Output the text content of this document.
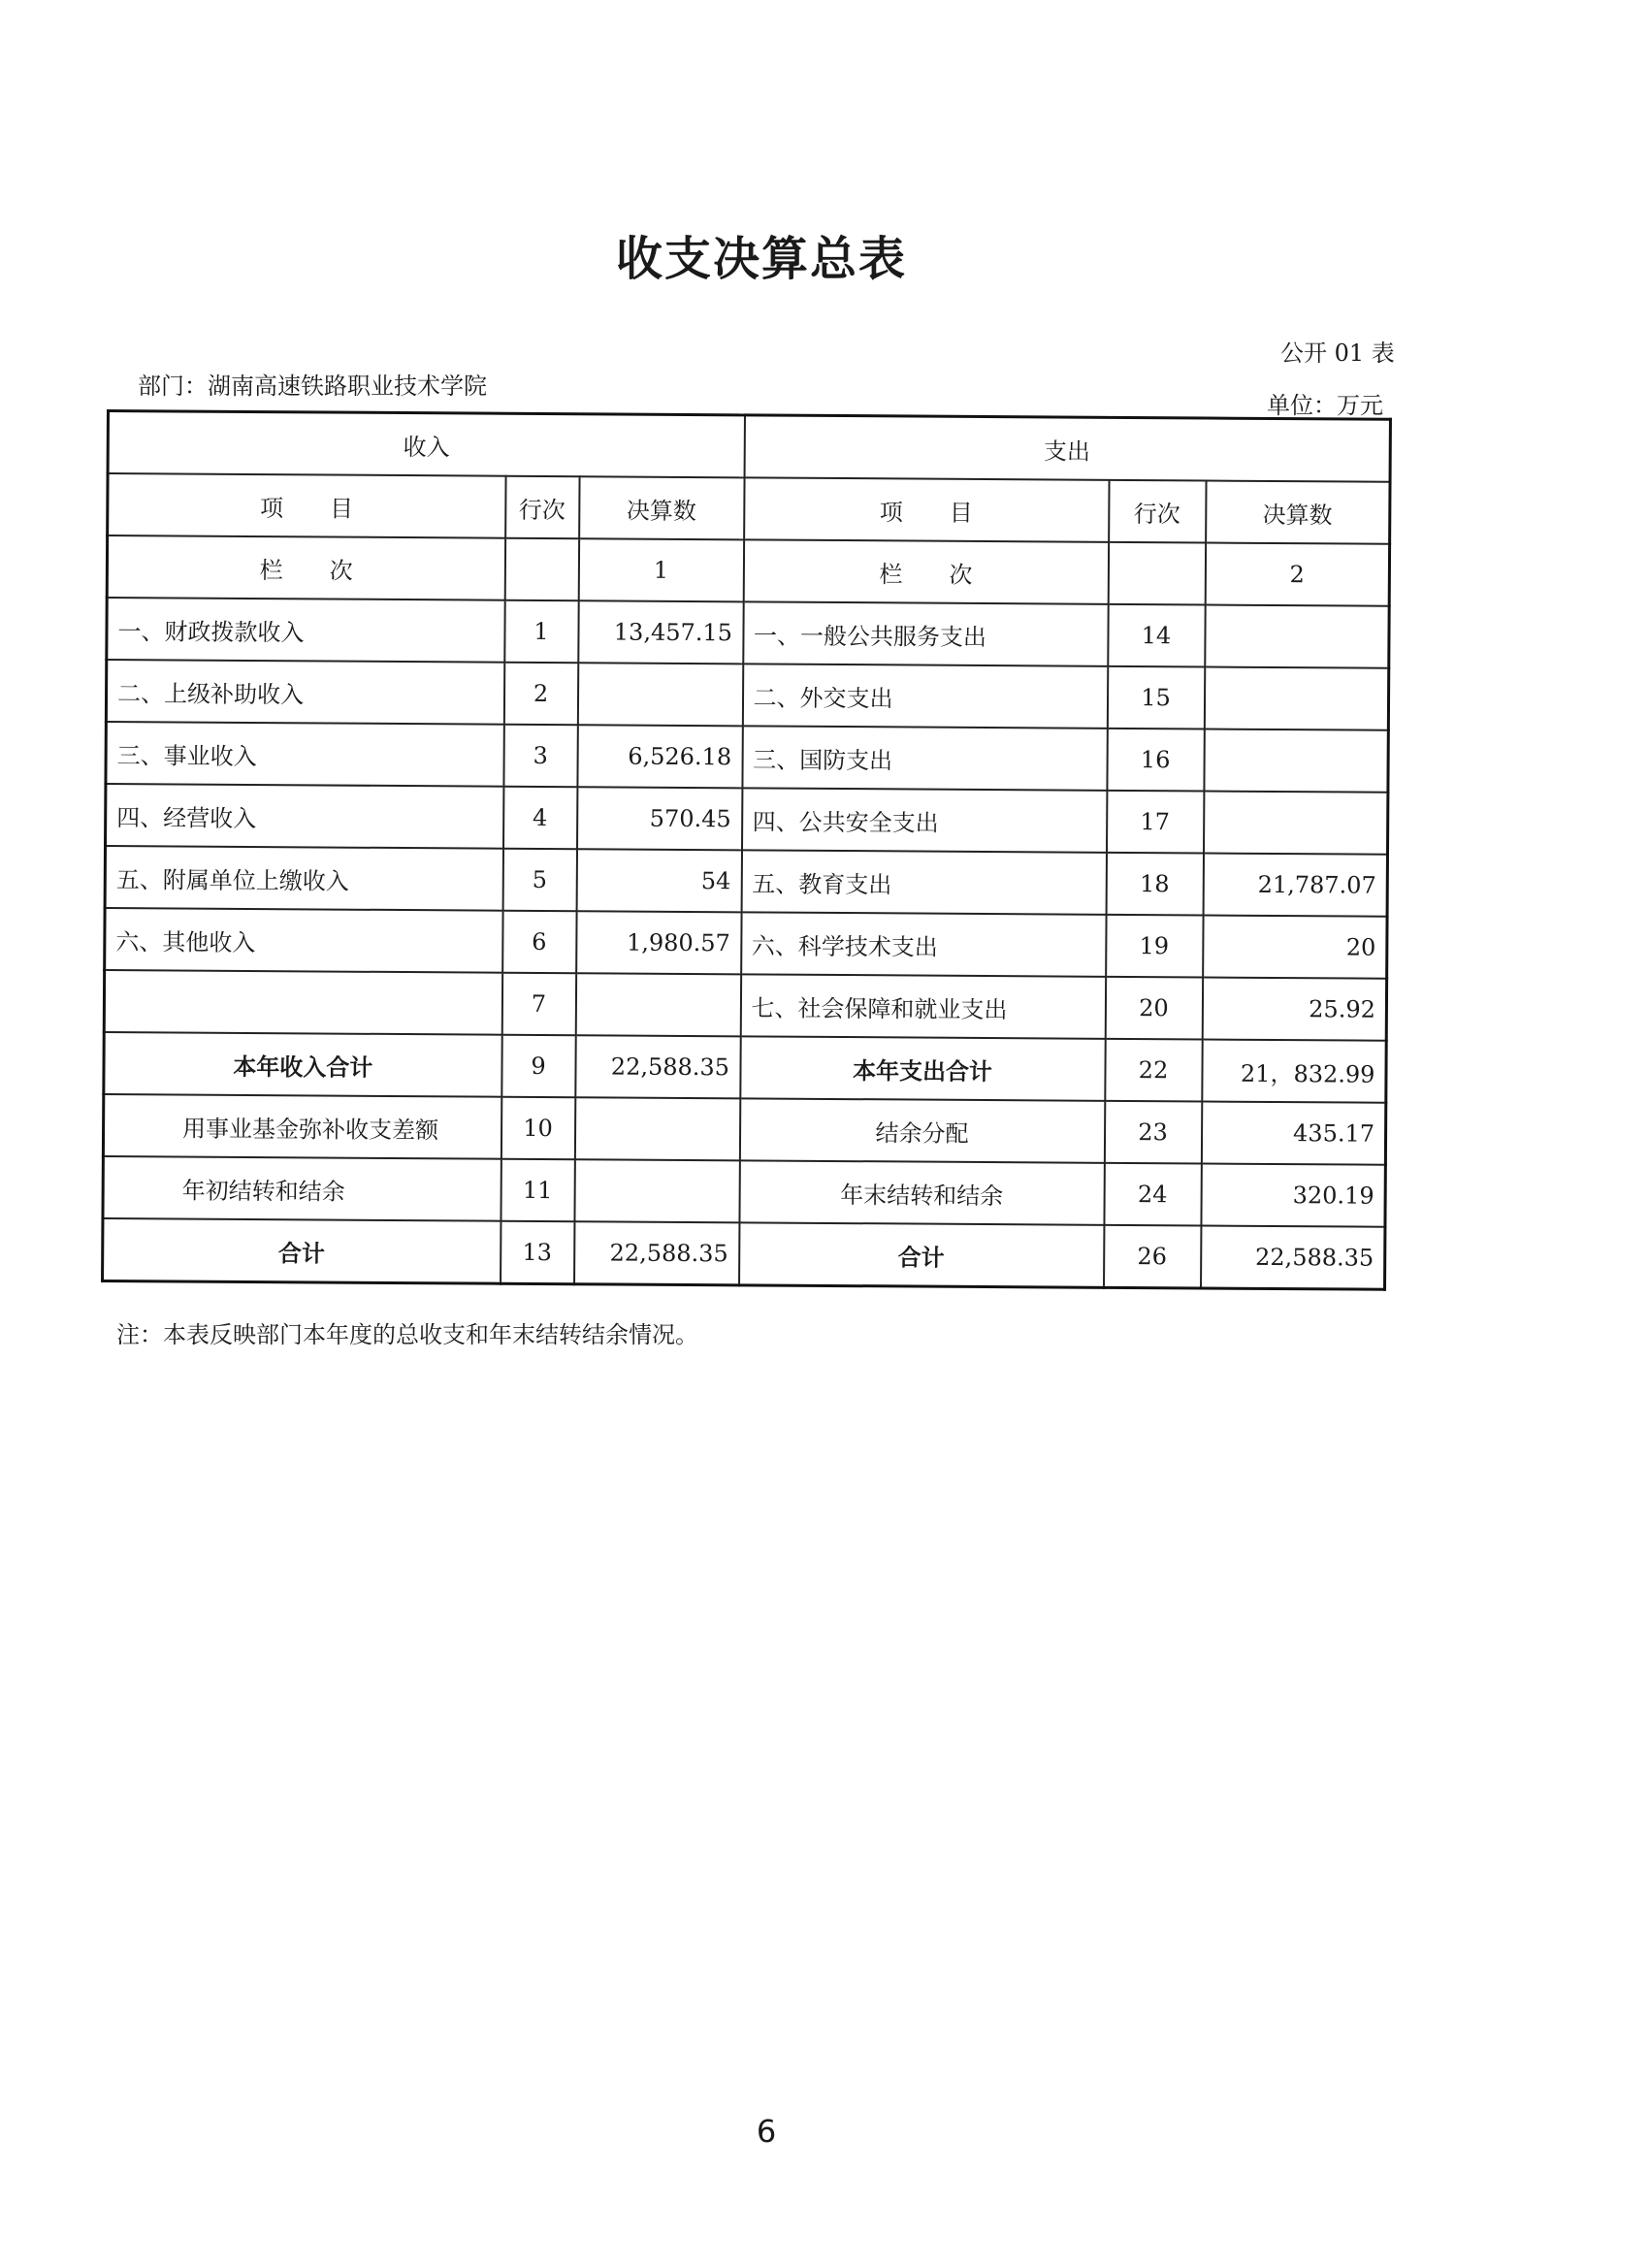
收支决算总表
公开 01 表
部门：湖南高速铁路职业技术学院
单位：万元
收入			支出		
项　　目	行次	决算数	项　　目	行次	决算数
栏　　次		1	栏　　次		2
一、财政拨款收入	1	13,457.15	一、一般公共服务支出	14	
二、上级补助收入	2		二、外交支出	15	
三、事业收入	3	6,526.18	三、国防支出	16	
四、经营收入	4	570.45	四、公共安全支出	17	
五、附属单位上缴收入	5	54	五、教育支出	18	21,787.07
六、其他收入	6	1,980.57	六、科学技术支出	19	20
	7		七、社会保障和就业支出	20	25.92
本年收入合计	9	22,588.35	本年支出合计	22	21，832.99
用事业基金弥补收支差额	10		结余分配	23	435.17
年初结转和结余	11		年末结转和结余	24	320.19
合计	13	22,588.35	合计	26	22,588.35
注：本表反映部门本年度的总收支和年末结转结余情况。
6
